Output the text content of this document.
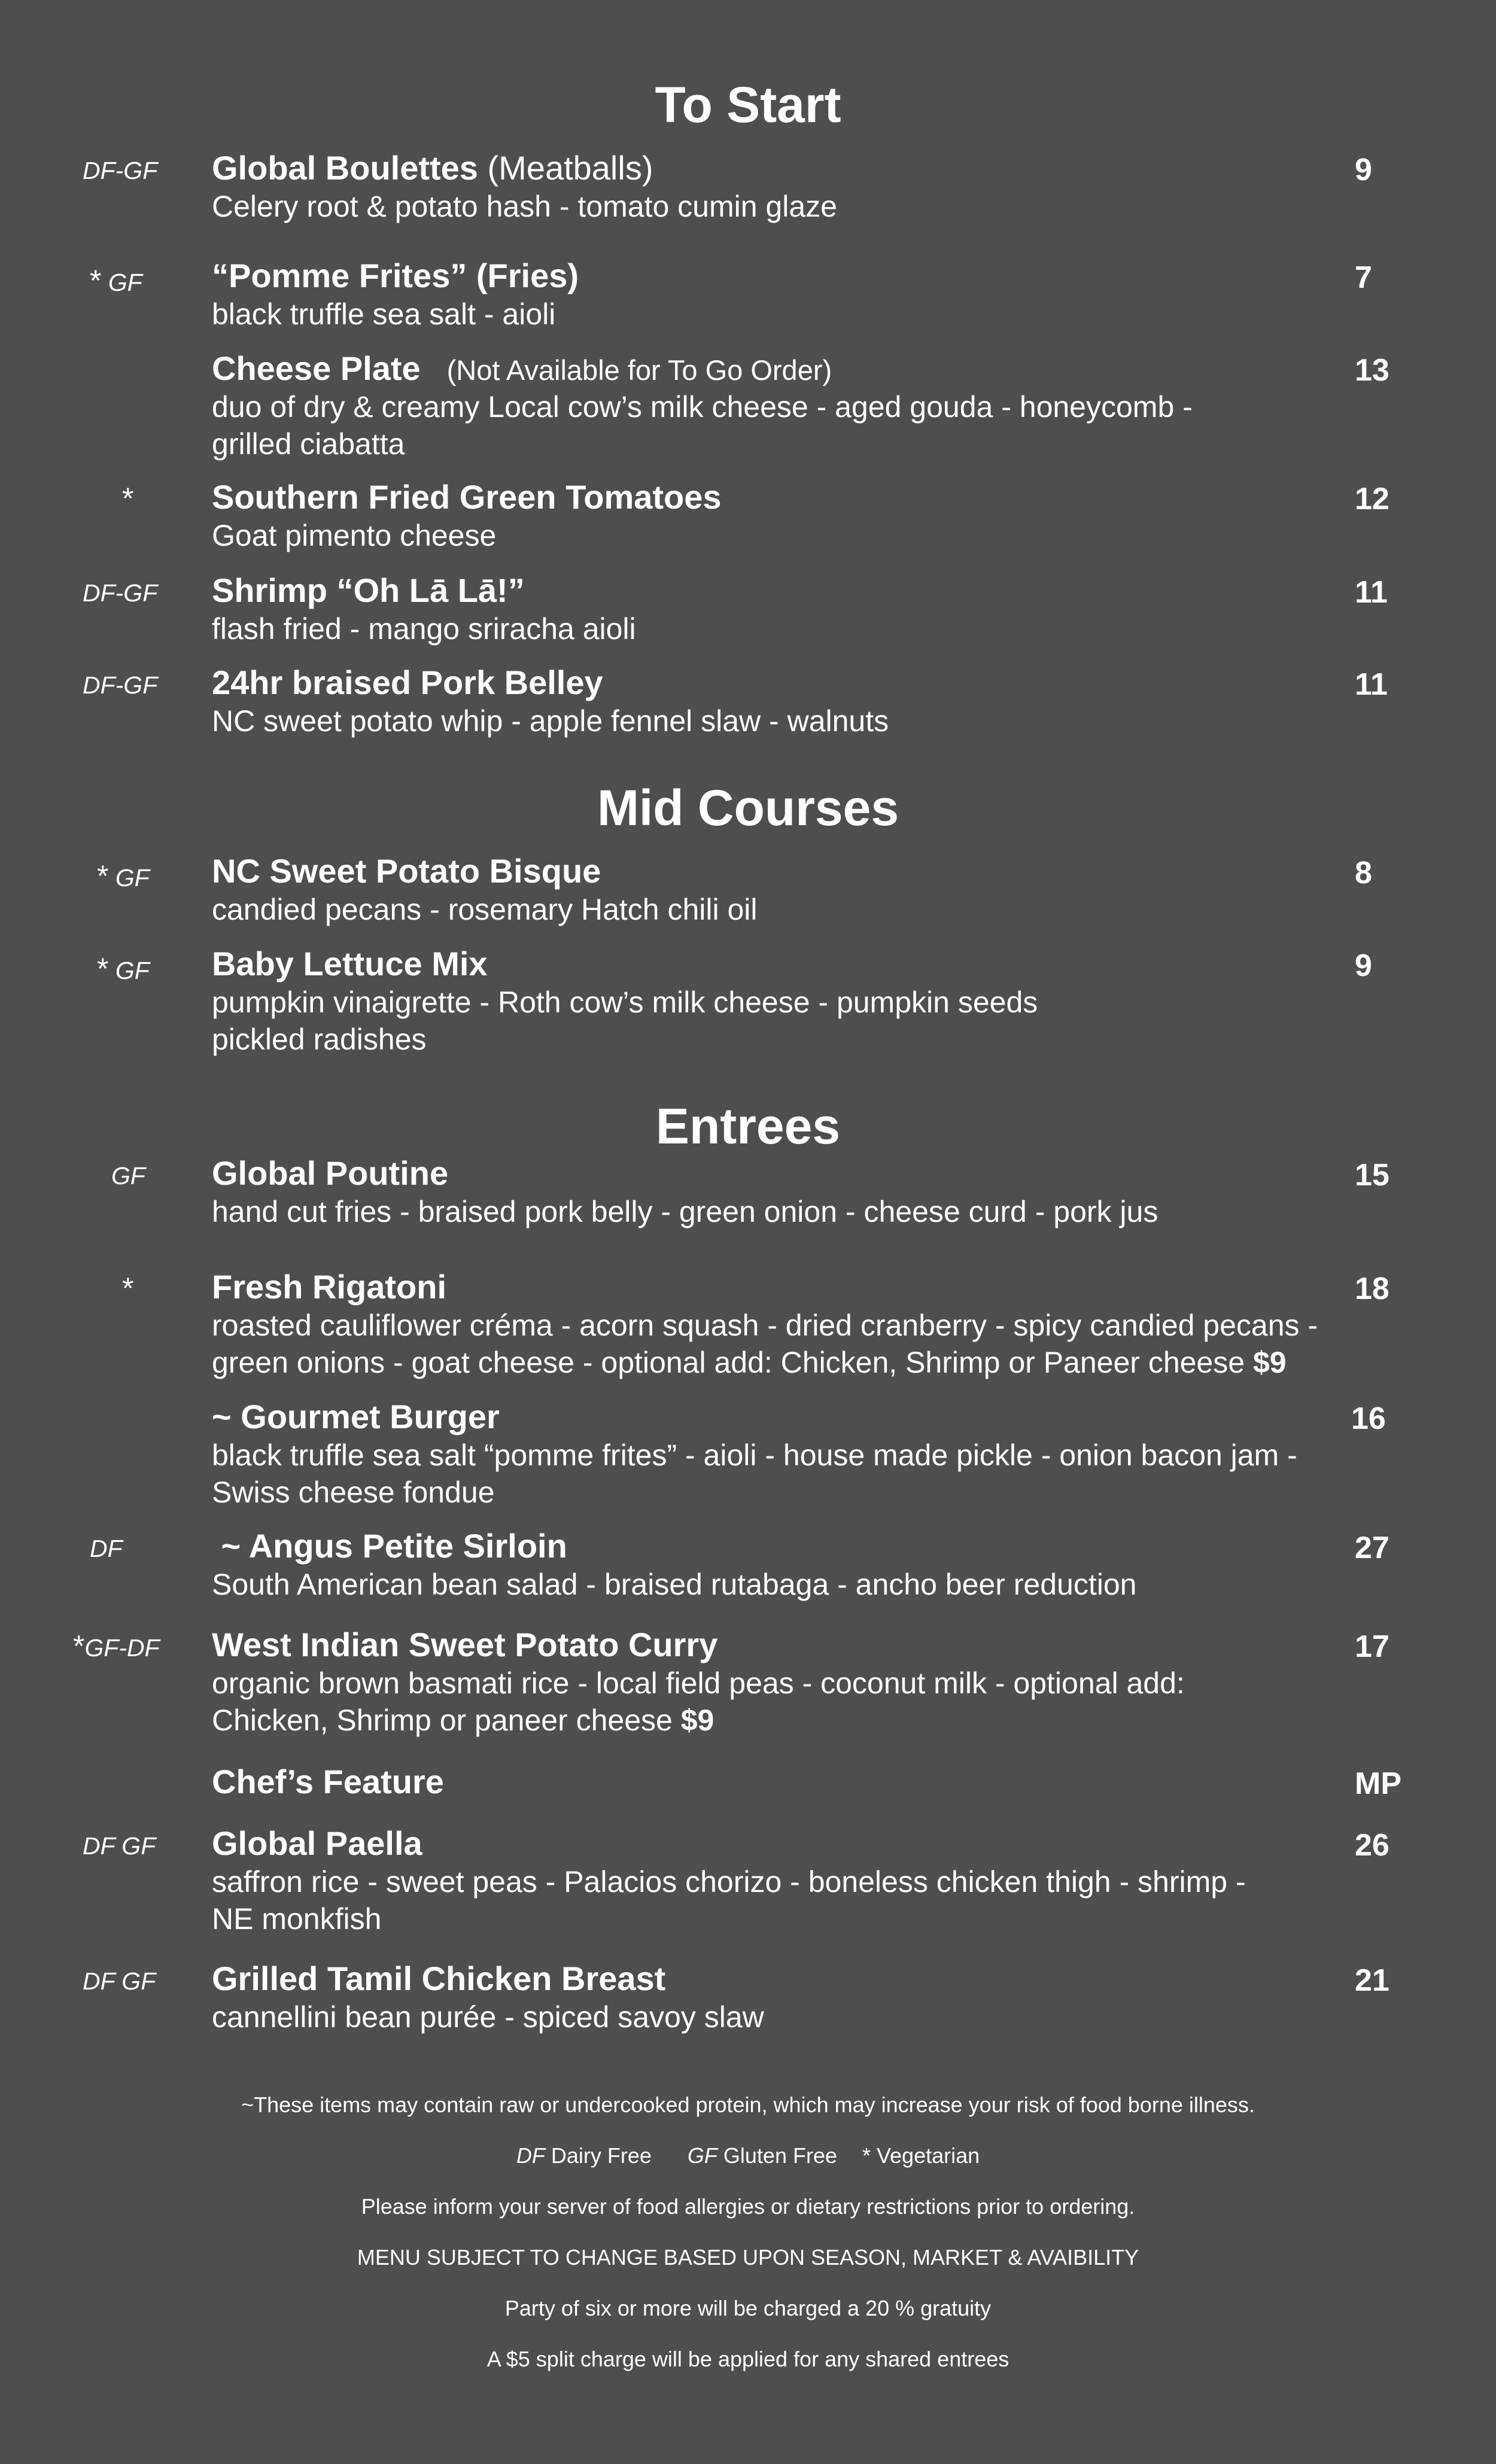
To Start
Mid Courses
Entrees
DF-GF Global Boulettes (Meatballs)	9
Celery root & potato hash - tomato cumin glaze
* GF “Pomme Frites” (Fries)	7
black truffle sea salt - aioli
Cheese Plate (Not Available for To Go Order)	13
duo of dry & creamy Local cow’s milk cheese - aged gouda - honeycomb -
grilled ciabatta
* Southern Fried Green Tomatoes	12
Goat pimento cheese
DF-GF Shrimp “Oh Lā Lā!”	11
flash fried - mango sriracha aioli
DF-GF 24hr braised Pork Belley	11
NC sweet potato whip - apple fennel slaw - walnuts
* GF NC Sweet Potato Bisque	8
candied pecans - rosemary Hatch chili oil
* GF Baby Lettuce Mix	9
pumpkin vinaigrette - Roth cow’s milk cheese - pumpkin seeds
pickled radishes
GF Global Poutine	15
hand cut fries - braised pork belly - green onion - cheese curd - pork jus
* Fresh Rigatoni	18
roasted cauliflower créma - acorn squash - dried cranberry - spicy candied pecans -
green onions - goat cheese - optional add: Chicken, Shrimp or Paneer cheese $9
~ Gourmet Burger	16
black truffle sea salt “pomme frites” - aioli - house made pickle - onion bacon jam -
Swiss cheese fondue
DF	~ Angus Petite Sirloin	27
South American bean salad - braised rutabaga - ancho beer reduction
*GF-DF West Indian Sweet Potato Curry	17
organic brown basmati rice - local field peas - coconut milk - optional add:
Chicken, Shrimp or paneer cheese $9
Chef’s Feature	MP
DF GF Global Paella	26
saffron rice - sweet peas - Palacios chorizo - boneless chicken thigh - shrimp -
NE monkfish
DF GF Grilled Tamil Chicken Breast	21
cannellini bean purée - spiced savoy slaw
~These items may contain raw or undercooked protein, which may increase your risk of food borne illness.
DF Dairy Free GF Gluten Free * Vegetarian
Please inform your server of food allergies or dietary restrictions prior to ordering.
MENU SUBJECT TO CHANGE BASED UPON SEASON, MARKET & AVAIBILITY
Party of six or more will be charged a 20 % gratuity
A $5 split charge will be applied for any shared entrees
